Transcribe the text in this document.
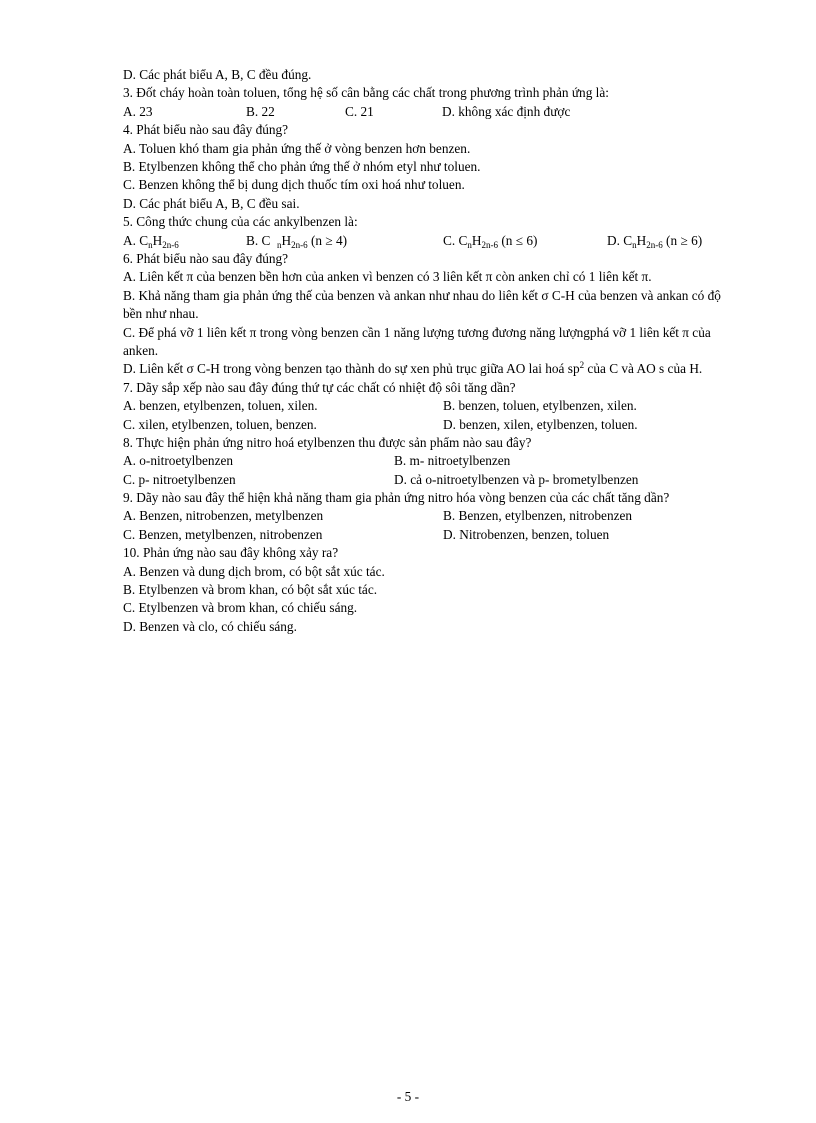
D. Các phát biểu A, B, C đều đúng.
3. Đốt cháy hoàn toàn toluen, tổng hệ số cân bằng các chất trong phương trình phản ứng là:
A. 23	B. 22	C. 21	D. không xác định được
4. Phát biểu nào sau đây đúng?
A. Toluen khó tham gia phản ứng thế ở vòng benzen hơn benzen.
B. Etylbenzen không thể cho phản ứng thế ở nhóm etyl như toluen.
C. Benzen không thể bị dung dịch thuốc tím oxi hoá như toluen.
D. Các phát biểu A, B, C đều sai.
5. Công thức chung của các ankylbenzen là:
A. $C_nH_{2n-6}$	B. C  $_nH_{2n-6}$ (n ≥ 4)	C. $C_nH_{2n-6}$ (n ≤ 6)	D. $C_nH_{2n-6}$ (n ≥ 6)
6. Phát biểu nào sau đây đúng?
A. Liên kết π của benzen bền hơn của anken vì benzen có 3 liên kết π còn anken chỉ có 1 liên kết π.
B. Khả năng tham gia phản ứng thế của benzen và ankan như nhau do liên kết σ C-H của benzen và ankan có độ bền như nhau.
C. Để phá vỡ 1 liên kết π trong vòng benzen cần 1 năng lượng tương đương năng lượngphá vỡ 1 liên kết π của anken.
D. Liên kết σ C-H trong vòng benzen tạo thành do sự xen phủ trục giữa AO lai hoá $sp^2$ của C và AO s của H.
7. Dãy sắp xếp nào sau đây đúng thứ tự các chất có nhiệt độ sôi tăng dần?
A. benzen, etylbenzen, toluen, xilen.	B. benzen, toluen, etylbenzen, xilen.
C. xilen, etylbenzen, toluen, benzen.	D. benzen, xilen, etylbenzen, toluen.
8. Thực hiện phản ứng nitro hoá etylbenzen thu được sản phẩm nào sau đây?
A. o-nitroetylbenzen	B. m- nitroetylbenzen
C. p- nitroetylbenzen	D. cả o-nitroetylbenzen và p- brometylbenzen
9. Dãy nào sau đây thể hiện khả năng tham gia phản ứng nitro hóa vòng benzen của các chất tăng dần?
A. Benzen, nitrobenzen, metylbenzen	B. Benzen, etylbenzen, nitrobenzen
C. Benzen, metylbenzen, nitrobenzen	D. Nitrobenzen, benzen, toluen
10. Phản ứng nào sau đây không xảy ra?
A. Benzen và dung dịch brom, có bột sắt xúc tác.
B. Etylbenzen và brom khan, có bột sắt xúc tác.
C. Etylbenzen và brom khan, có chiếu sáng.
D. Benzen và clo, có chiếu sáng.
- 5 -
